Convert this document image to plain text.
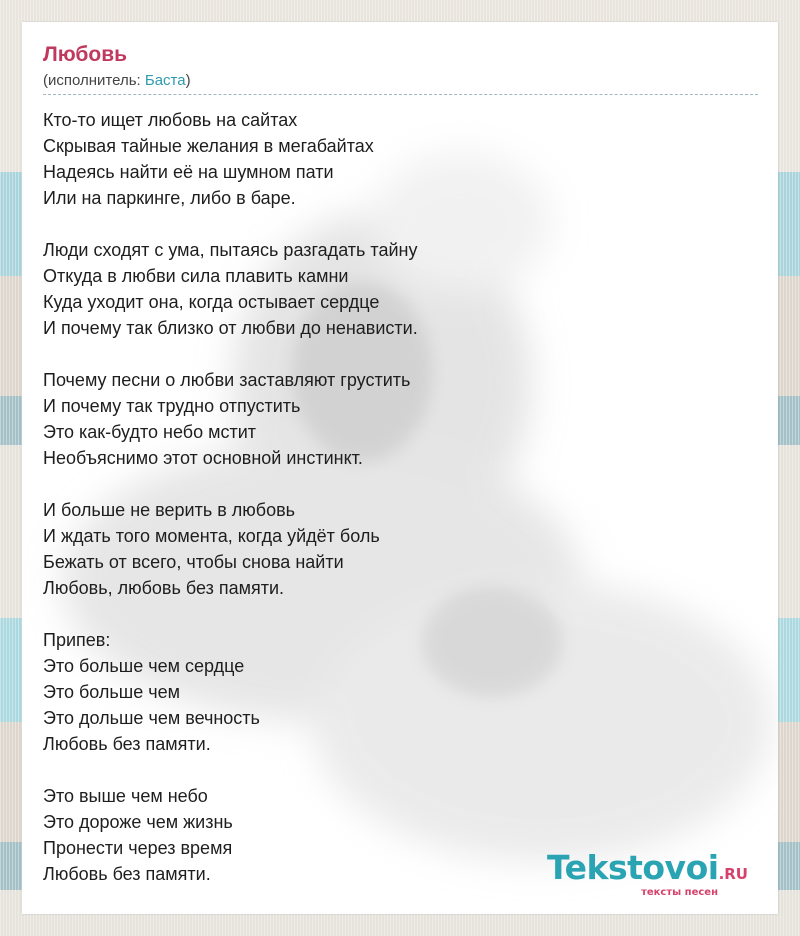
Любовь
(исполнитель: Баста)
Кто-то ищет любовь на сайтах
Скрывая тайные желания в мегабайтах
Надеясь найти её на шумном пати
Или на паркинге, либо в баре.
Люди сходят с ума, пытаясь разгадать тайну
Откуда в любви сила плавить камни
Куда уходит она, когда остывает сердце
И почему так близко от любви до ненависти.
Почему песни о любви заставляют грустить
И почему так трудно отпустить
Это как-будто небо мстит
Необъяснимо этот основной инстинкт.
И больше не верить в любовь
И ждать того момента, когда уйдёт боль
Бежать от всего, чтобы снова найти
Любовь, любовь без памяти.
Припев:
Это больше чем сердце
Это больше чем
Это дольше чем вечность
Любовь без памяти.
Это выше чем небо
Это дороже чем жизнь
Пронести через время
Любовь без памяти.	Tekstovoi.RU
тексты песен
